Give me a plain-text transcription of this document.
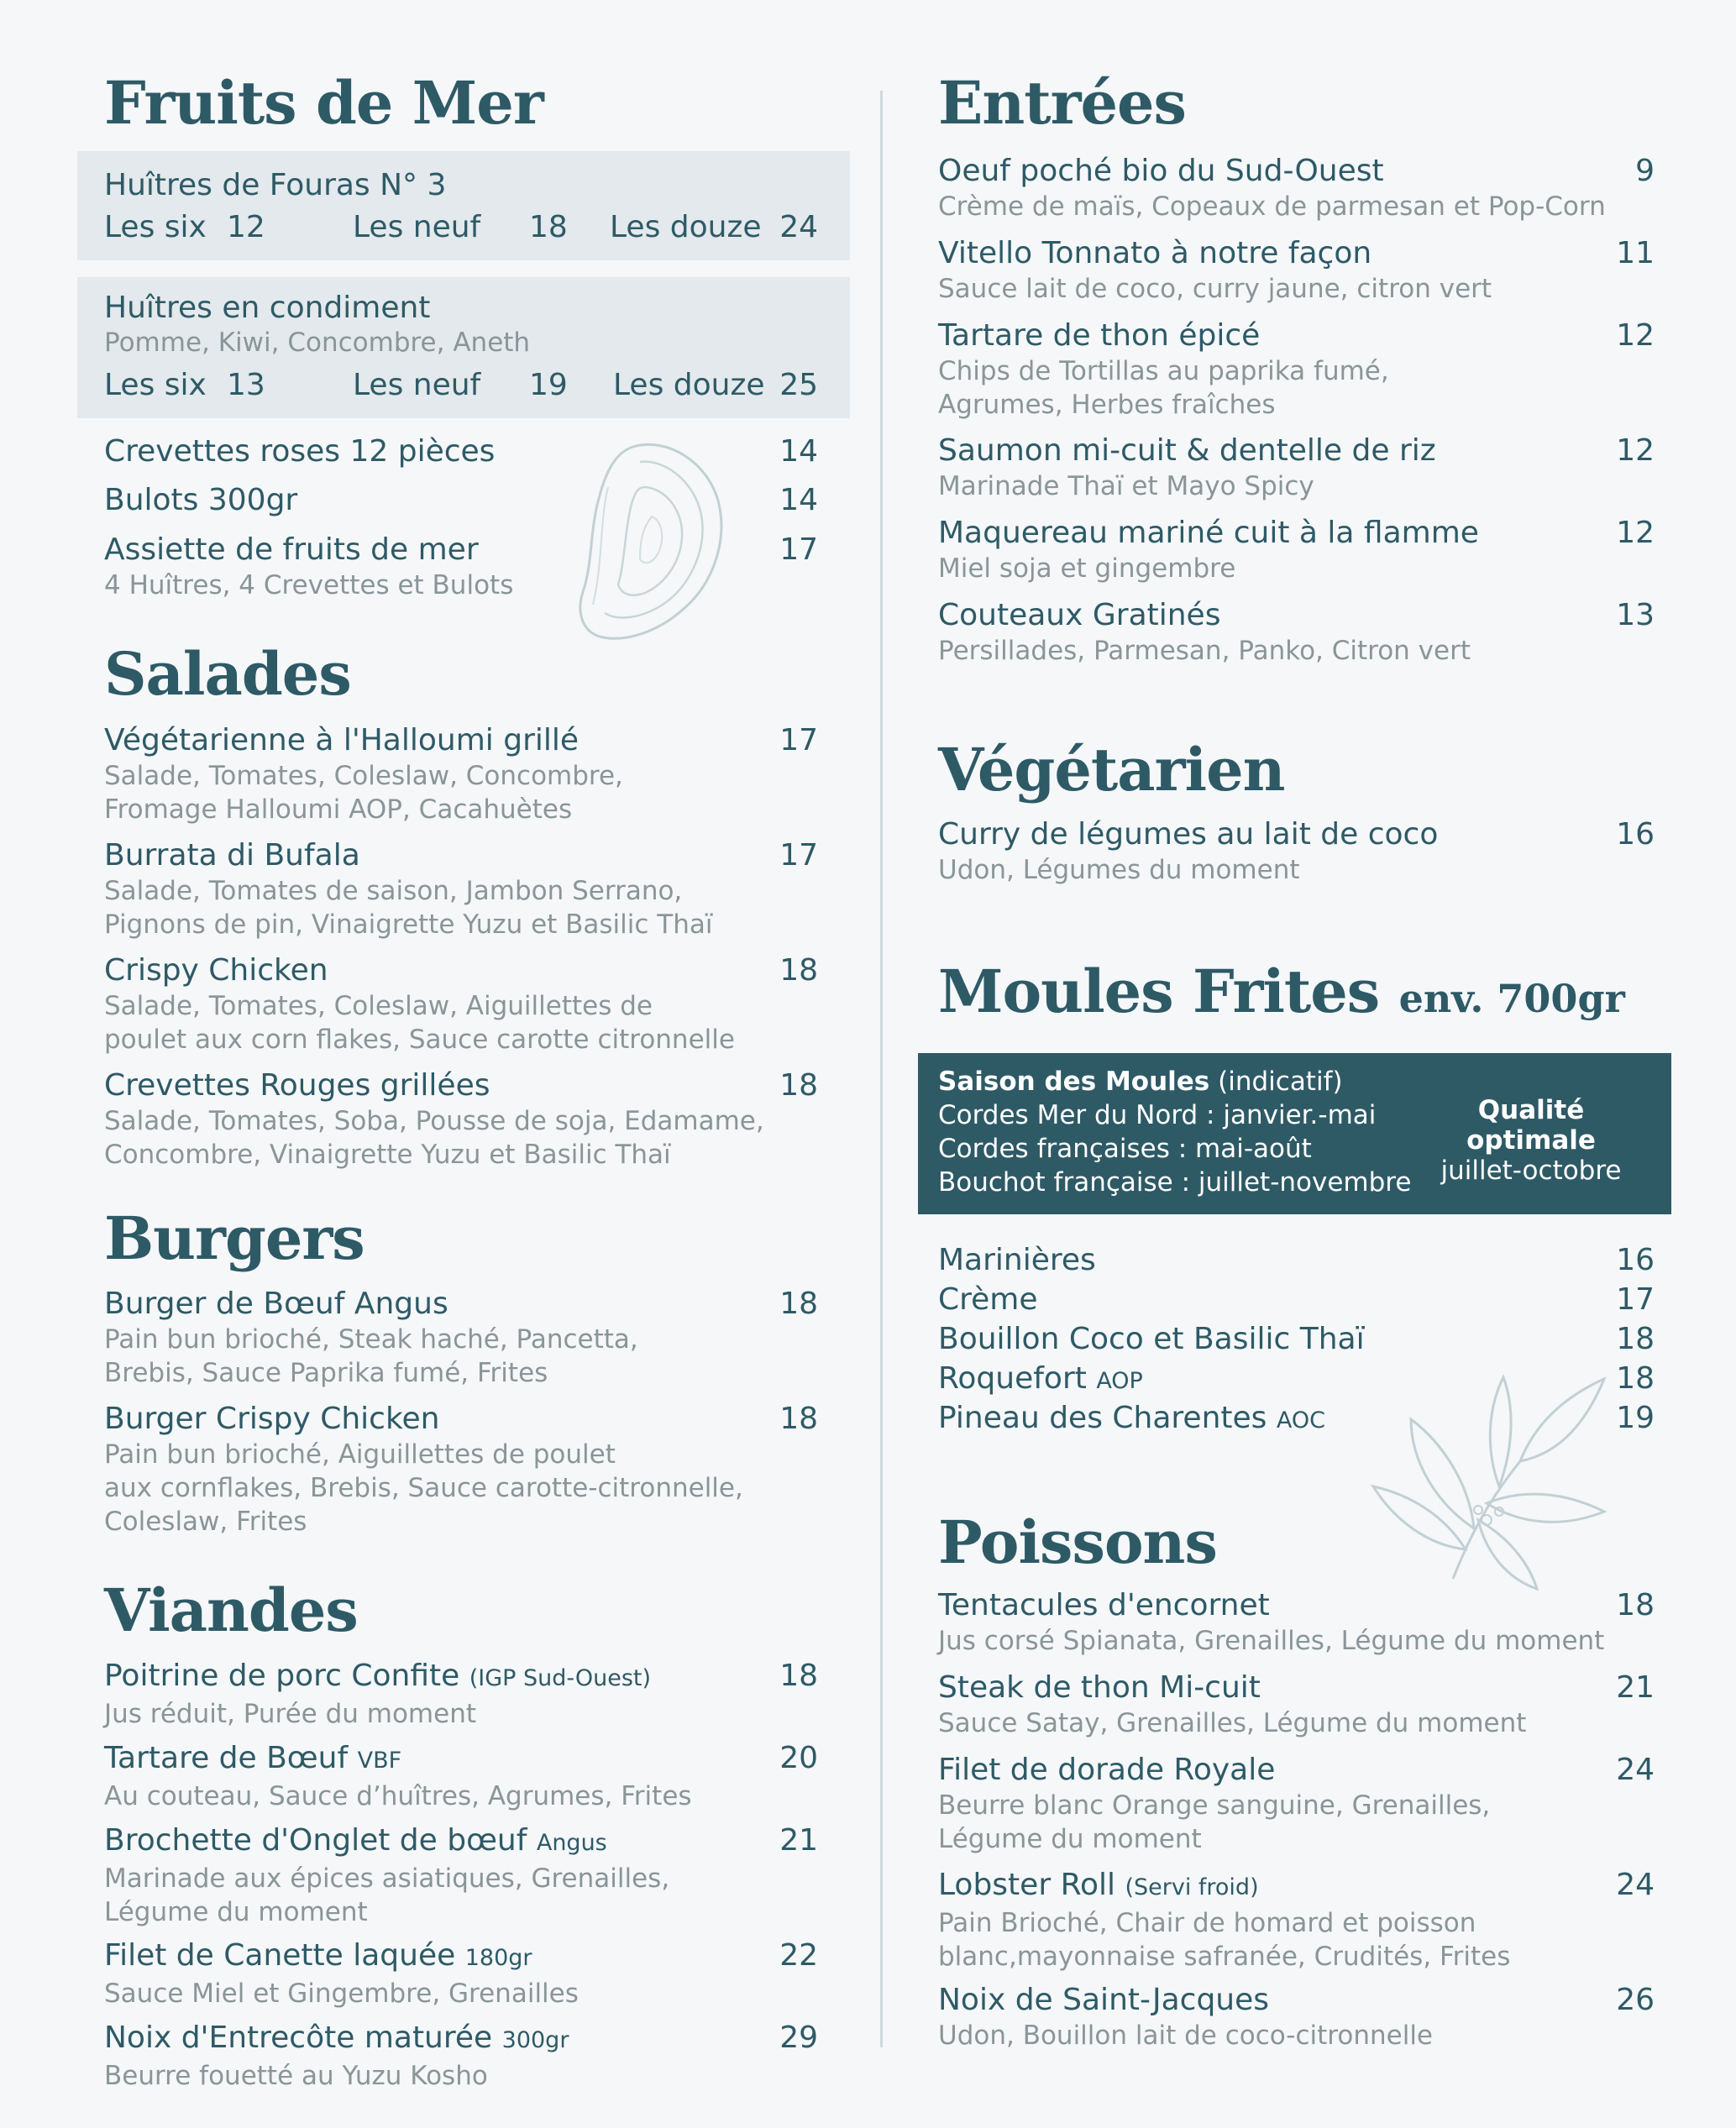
Fruits de Mer
Huîtres de Fouras N° 3
Les six 12	Les neuf 18 Les douze 24
Huîtres en condiment
Pomme, Kiwi, Concombre, Aneth
Les six 13	Les neuf 19 Les douze 25
Crevettes roses 12 pièces	14
Bulots 300gr	14
Assiette de fruits de mer	17
4 Huîtres, 4 Crevettes et Bulots
Salades
Végétarienne à l'Halloumi grillé	17
Salade, Tomates, Coleslaw, Concombre,
Fromage Halloumi AOP, Cacahuètes
Burrata di Bufala	17
Salade, Tomates de saison, Jambon Serrano,
Pignons de pin, Vinaigrette Yuzu et Basilic Thaï
Crispy Chicken	18
Salade, Tomates, Coleslaw, Aiguillettes de
poulet aux corn flakes, Sauce carotte citronnelle
Crevettes Rouges grillées	18
Salade, Tomates, Soba, Pousse de soja, Edamame,
Concombre, Vinaigrette Yuzu et Basilic Thaï
Burgers
Burger de Bœuf Angus	18
Pain bun brioché, Steak haché, Pancetta,
Brebis, Sauce Paprika fumé, Frites
Burger Crispy Chicken	18
Pain bun brioché, Aiguillettes de poulet
aux cornflakes, Brebis, Sauce carotte-citronnelle,
Coleslaw, Frites
Viandes
Poitrine de porc Confite (IGP Sud-Ouest)	18
Jus réduit, Purée du moment
Tartare de Bœuf VBF	20
Au couteau, Sauce d’huîtres, Agrumes, Frites
Brochette d'Onglet de bœuf Angus	21
Marinade aux épices asiatiques, Grenailles,
Légume du moment
Filet de Canette laquée 180gr	22
Sauce Miel et Gingembre, Grenailles
Noix d'Entrecôte maturée 300gr	29
Beurre fouetté au Yuzu Kosho
Entrées
Oeuf poché bio du Sud-Ouest	9
Crème de maïs, Copeaux de parmesan et Pop-Corn
Vitello Tonnato à notre façon	11
Sauce lait de coco, curry jaune, citron vert
Tartare de thon épicé	12
Chips de Tortillas au paprika fumé,
Agrumes, Herbes fraîches
Saumon mi-cuit & dentelle de riz	12
Marinade Thaï et Mayo Spicy
Maquereau mariné cuit à la flamme	12
Miel soja et gingembre
Couteaux Gratinés	13
Persillades, Parmesan, Panko, Citron vert
Végétarien
Curry de légumes au lait de coco	16
Udon, Légumes du moment
Moules Frites env. 700gr
Saison des Moules (indicatif)
Cordes Mer du Nord : janvier.-mai
Cordes françaises : mai-août
Bouchot française : juillet-novembre
Qualité optimale
juillet-octobre
Marinières	16
Crème	17
Bouillon Coco et Basilic Thaï	18
Roquefort AOP	18
Pineau des Charentes AOC	19
Poissons
Tentacules d'encornet	18
Jus corsé Spianata, Grenailles, Légume du moment
Steak de thon Mi-cuit	21
Sauce Satay, Grenailles, Légume du moment
Filet de dorade Royale	24
Beurre blanc Orange sanguine, Grenailles,
Légume du moment
Lobster Roll (Servi froid)	24
Pain Brioché, Chair de homard et poisson
blanc,mayonnaise safranée, Crudités, Frites
Noix de Saint-Jacques	26
Udon, Bouillon lait de coco-citronnelle
